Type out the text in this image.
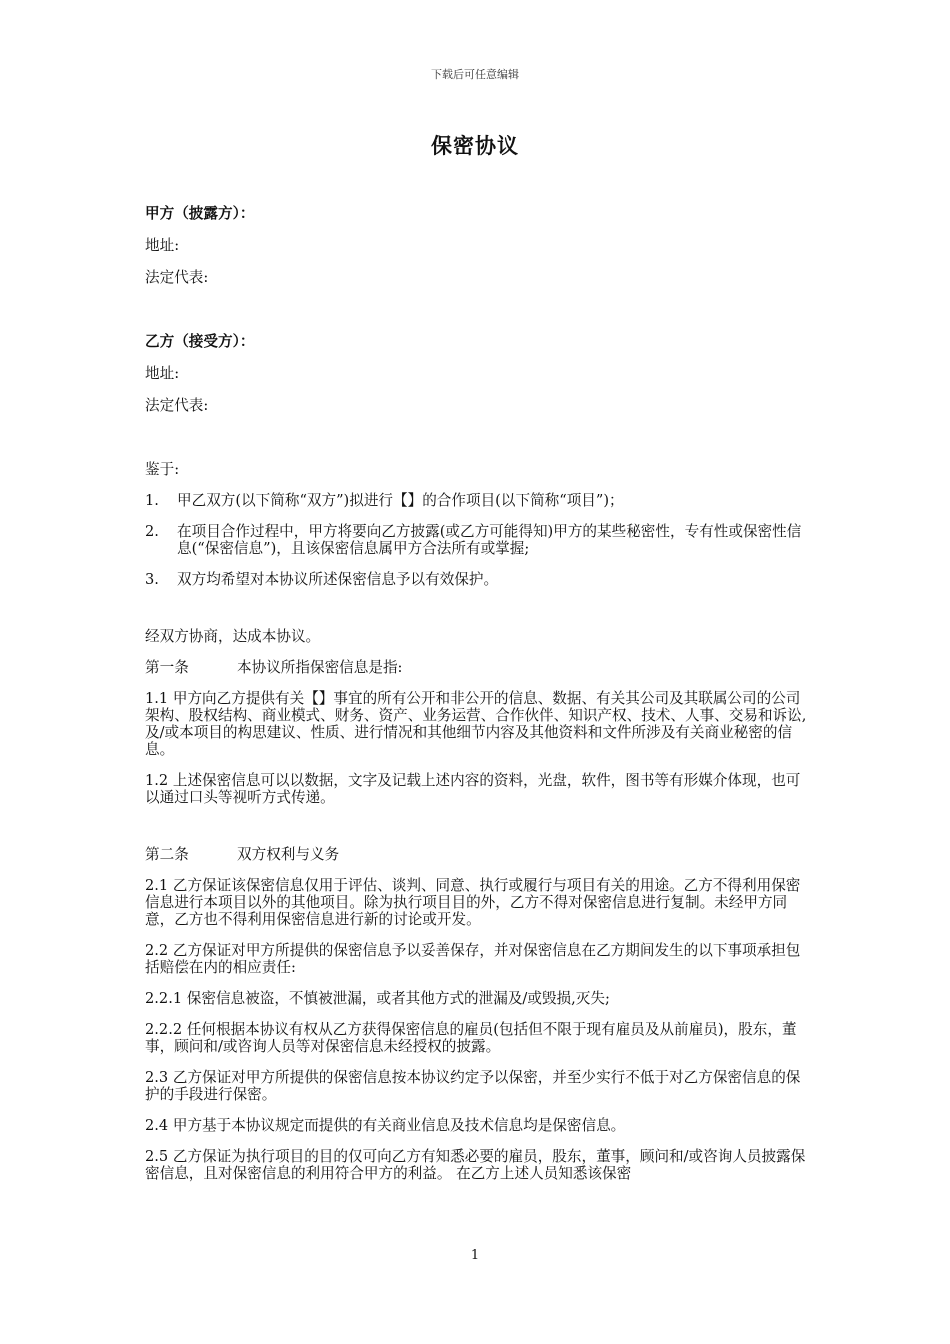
下载后可任意编辑
保密协议

甲方（披露方）：

地址:

法定代表:

乙方（接受方）：

地址:

法定代表:

鉴于:

1.	甲乙双方(以下简称“双方”)拟进行【】的合作项目(以下简称“项目”)；
2.	在项目合作过程中，甲方将要向乙方披露(或乙方可能得知)甲方的某些秘密性，专有性或保密性信息(“保密信息”)，且该保密信息属甲方合法所有或掌握;
3.	双方均希望对本协议所述保密信息予以有效保护。

经双方协商，达成本协议。

第一条	本协议所指保密信息是指:

1.1 甲方向乙方提供有关【】事宜的所有公开和非公开的信息、数据、有关其公司及其联属公司的公司架构、股权结构、商业模式、财务、资产、业务运营、合作伙伴、知识产权、技术、人事、交易和诉讼,及/或本项目的构思建议、性质、进行情况和其他细节内容及其他资料和文件所涉及有关商业秘密的信息。

1.2 上述保密信息可以以数据，文字及记载上述内容的资料，光盘，软件，图书等有形媒介体现，也可以通过口头等视听方式传递。

第二条	双方权利与义务

2.1 乙方保证该保密信息仅用于评估、谈判、同意、执行或履行与项目有关的用途。乙方不得利用保密信息进行本项目以外的其他项目。除为执行项目目的外，乙方不得对保密信息进行复制。未经甲方同意，乙方也不得利用保密信息进行新的讨论或开发。

2.2 乙方保证对甲方所提供的保密信息予以妥善保存，并对保密信息在乙方期间发生的以下事项承担包括赔偿在内的相应责任:

2.2.1 保密信息被盗，不慎被泄漏，或者其他方式的泄漏及/或毁损,灭失;

2.2.2 任何根据本协议有权从乙方获得保密信息的雇员(包括但不限于现有雇员及从前雇员)，股东，董事，顾问和/或咨询人员等对保密信息未经授权的披露。

2.3 乙方保证对甲方所提供的保密信息按本协议约定予以保密，并至少实行不低于对乙方保密信息的保护的手段进行保密。

2.4 甲方基于本协议规定而提供的有关商业信息及技术信息均是保密信息。

2.5 乙方保证为执行项目的目的仅可向乙方有知悉必要的雇员，股东，董事，顾问和/或咨询人员披露保密信息，且对保密信息的利用符合甲方的利益。 在乙方上述人员知悉该保密

1
